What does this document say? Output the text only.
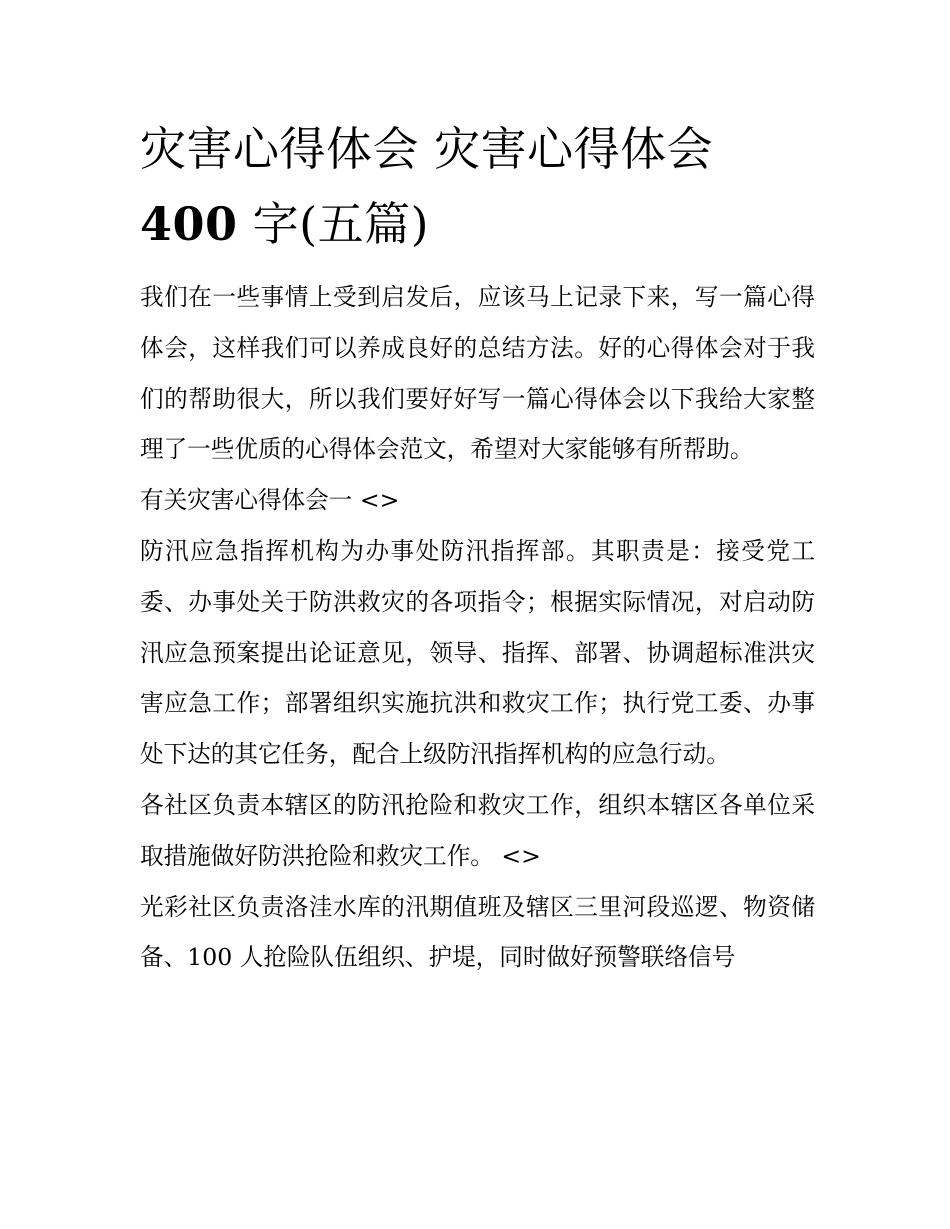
灾害心得体会 灾害心得体会
400 字(五篇)

我们在一些事情上受到启发后，应该马上记录下来，写一篇心得体会，这样我们可以养成良好的总结方法。好的心得体会对于我们的帮助很大，所以我们要好好写一篇心得体会以下我给大家整理了一些优质的心得体会范文，希望对大家能够有所帮助。

有关灾害心得体会一 <>

防汛应急指挥机构为办事处防汛指挥部。其职责是：接受党工委、办事处关于防洪救灾的各项指令；根据实际情况，对启动防汛应急预案提出论证意见，领导、指挥、部署、协调超标准洪灾害应急工作；部署组织实施抗洪和救灾工作；执行党工委、办事处下达的其它任务，配合上级防汛指挥机构的应急行动。

各社区负责本辖区的防汛抢险和救灾工作，组织本辖区各单位采取措施做好防洪抢险和救灾工作。 <>

光彩社区负责洛洼水库的汛期值班及辖区三里河段巡逻、物资储备、100 人抢险队伍组织、护堤，同时做好预警联络信号
